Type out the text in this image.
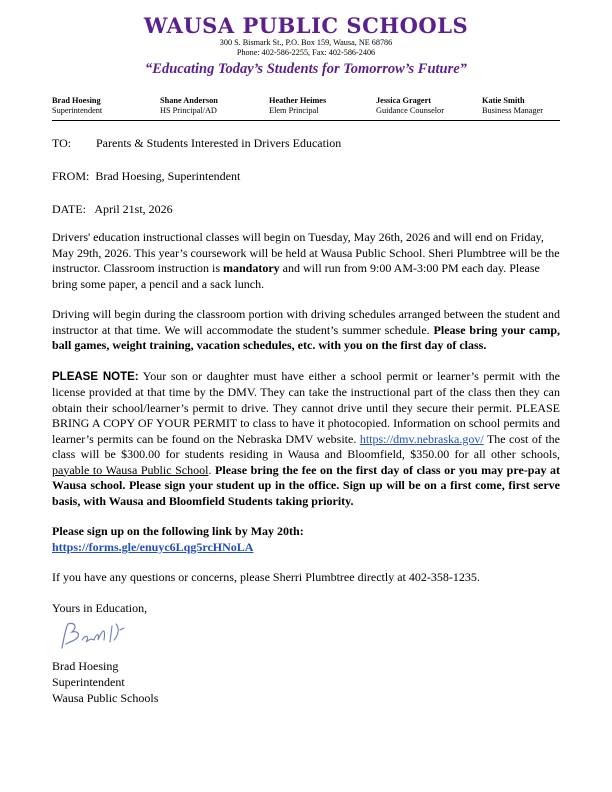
WAUSA PUBLIC SCHOOLS
300 S. Bismark St., P.O. Box 159, Wausa, NE 68786
Phone: 402-586-2255, Fax: 402-586-2406
“Educating Today’s Students for Tomorrow’s Future”
Brad Hoesing
Superintendent
Shane Anderson
HS Principal/AD
Heather Heimes
Elem Principal
Jessica Gragert
Guidance Counselor
Katie Smith
Business Manager
TO: Parents & Students Interested in Drivers Education
FROM: Brad Hoesing, Superintendent
DATE: April 21st, 2026

Drivers' education instructional classes will begin on Tuesday, May 26th, 2026 and will end on Friday, May 29th, 2026. This year’s coursework will be held at Wausa Public School. Sheri Plumbtree will be the instructor. Classroom instruction is mandatory and will run from 9:00 AM-3:00 PM each day. Please bring some paper, a pencil and a sack lunch.

Driving will begin during the classroom portion with driving schedules arranged between the student and instructor at that time. We will accommodate the student’s summer schedule. Please bring your camp, ball games, weight training, vacation schedules, etc. with you on the first day of class.

PLEASE NOTE: Your son or daughter must have either a school permit or learner’s permit with the license provided at that time by the DMV. They can take the instructional part of the class then they can obtain their school/learner’s permit to drive. They cannot drive until they secure their permit. PLEASE BRING A COPY OF YOUR PERMIT to class to have it photocopied. Information on school permits and learner’s permits can be found on the Nebraska DMV website. https://dmv.nebraska.gov/ The cost of the class will be $300.00 for students residing in Wausa and Bloomfield, $350.00 for all other schools, payable to Wausa Public School. Please bring the fee on the first day of class or you may pre-pay at Wausa school. Please sign your student up in the office. Sign up will be on a first come, first serve basis, with Wausa and Bloomfield Students taking priority.

Please sign up on the following link by May 20th:
https://forms.gle/enuyc6Lqg5rcHNoLA

If you have any questions or concerns, please Sherri Plumbtree directly at 402-358-1235.

Yours in Education,
Brad Hoesing
Superintendent
Wausa Public Schools
